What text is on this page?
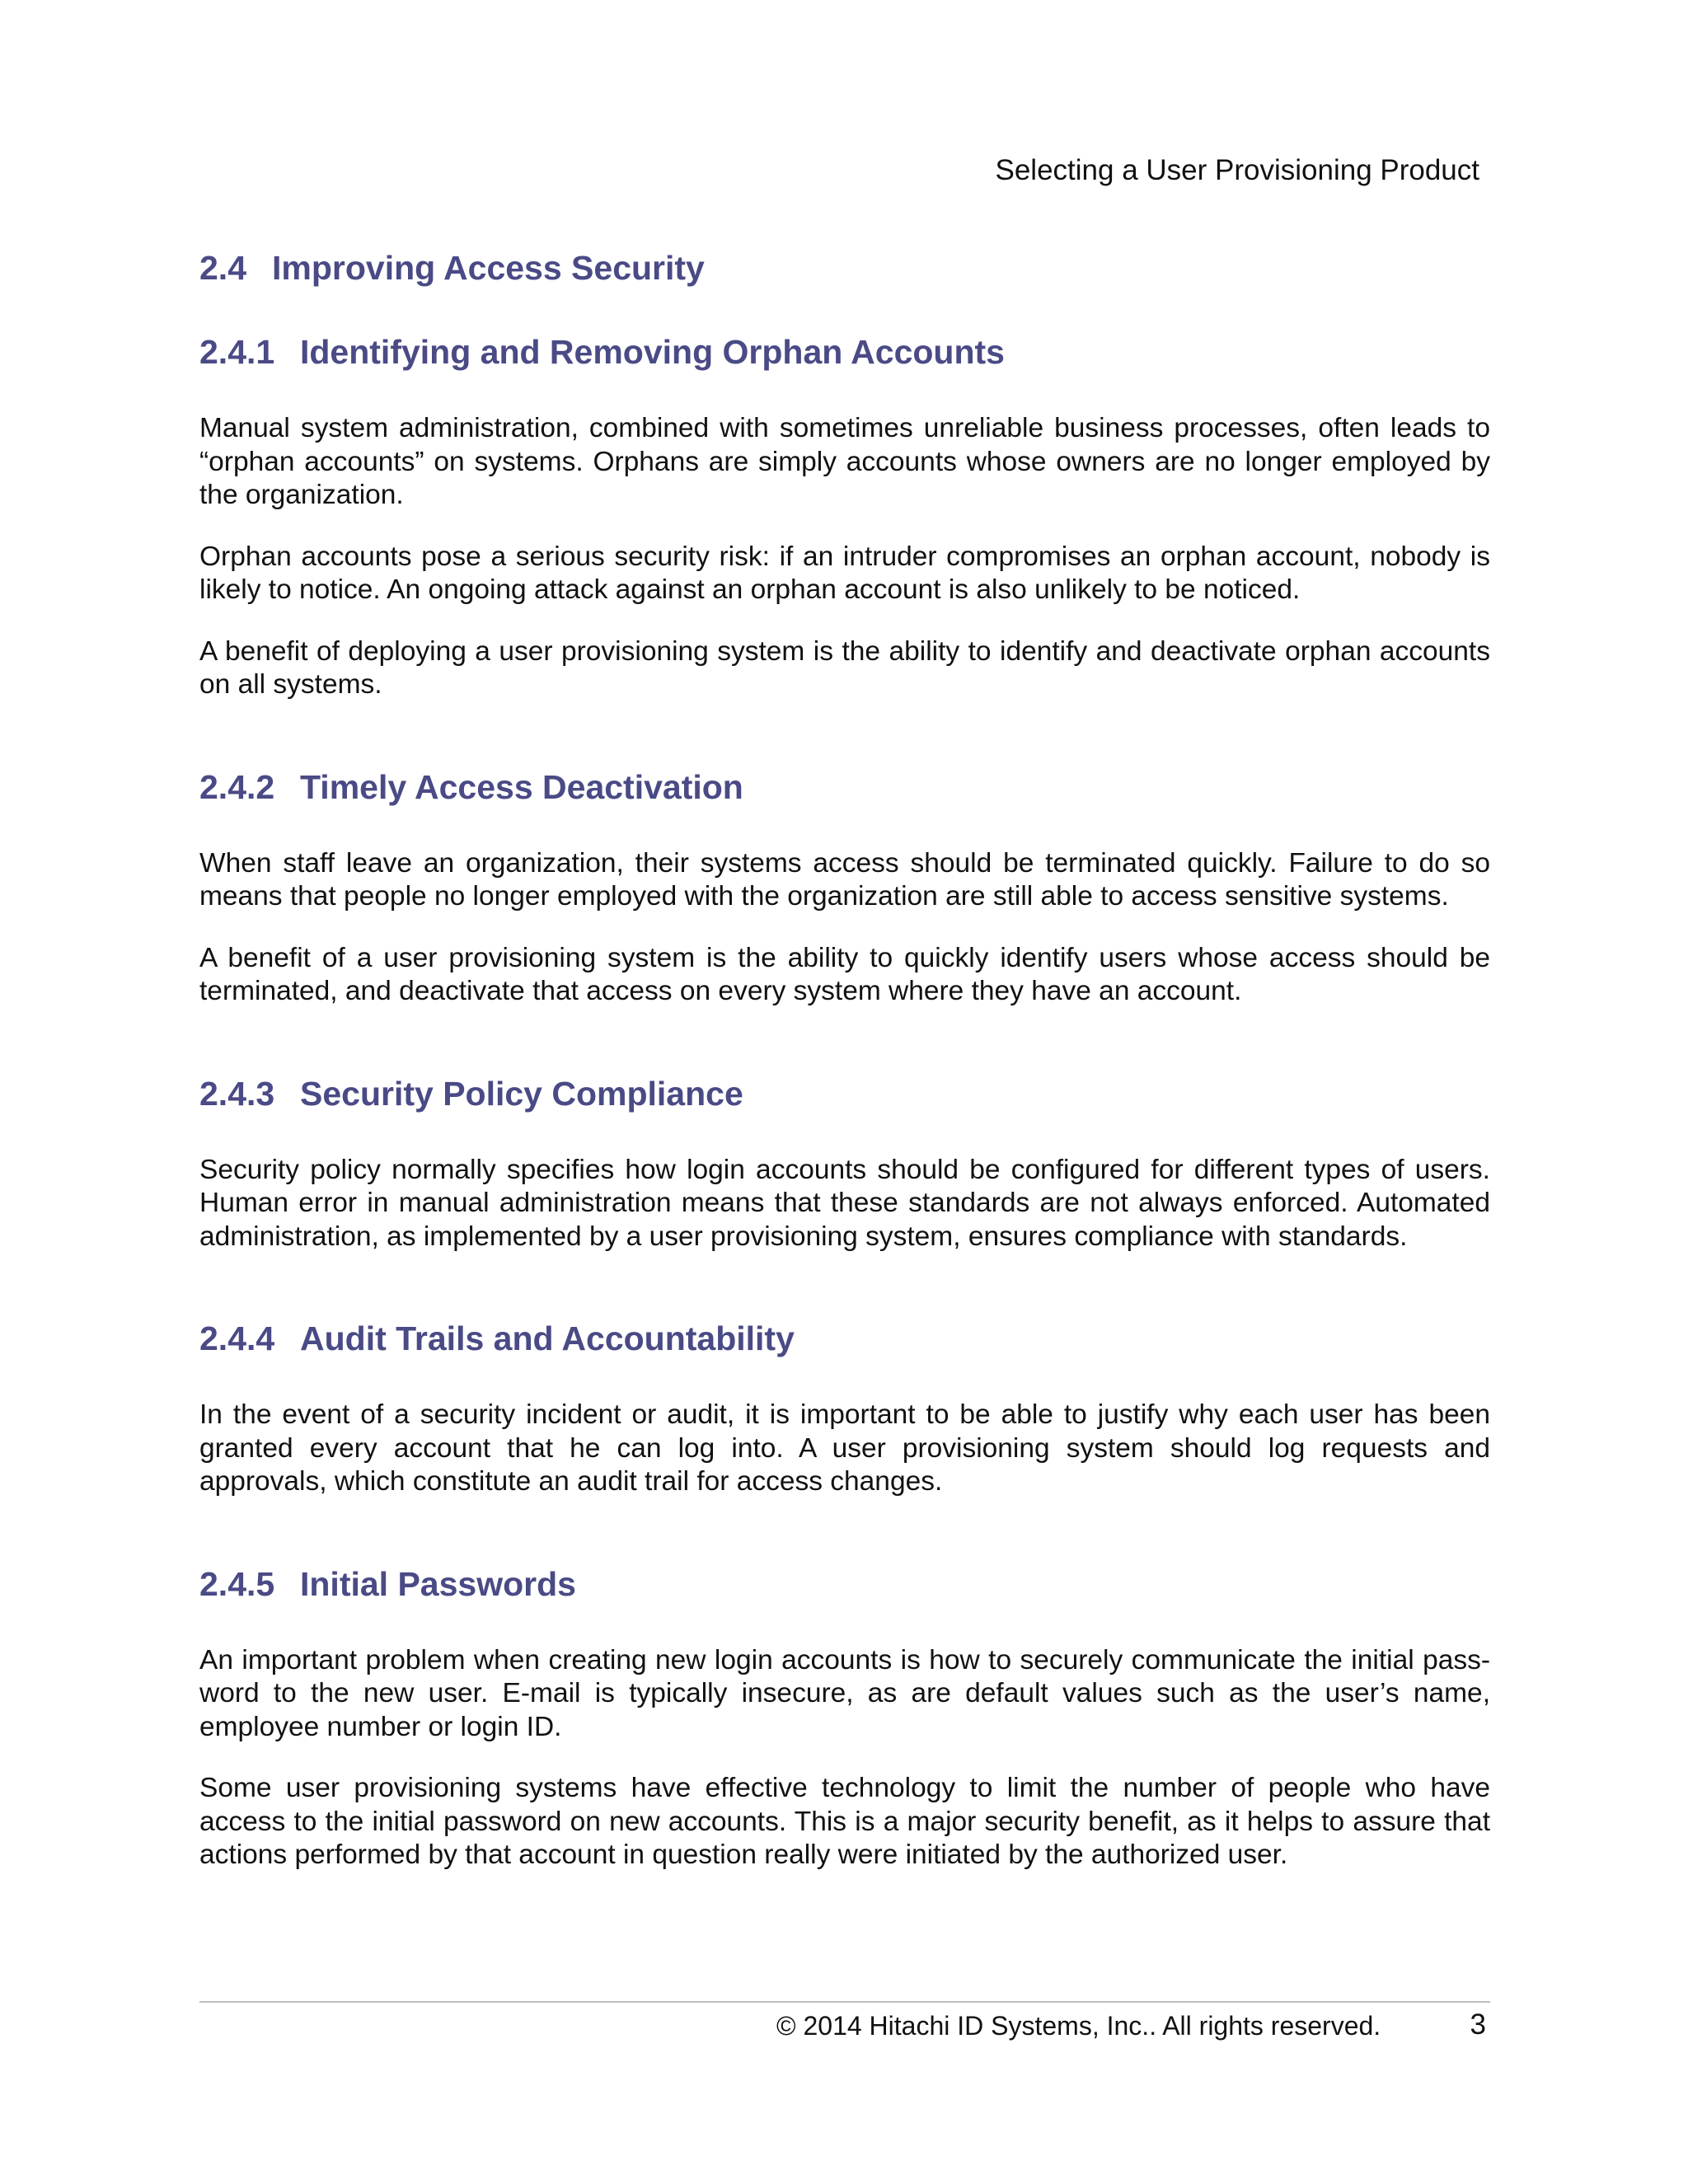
Selecting a User Provisioning Product
2.4 Improving Access Security
2.4.1 Identifying and Removing Orphan Accounts

Manual system administration, combined with sometimes unreliable business processes, often leads to “orphan accounts” on systems. Orphans are simply accounts whose owners are no longer employed by the organization.

Orphan accounts pose a serious security risk: if an intruder compromises an orphan account, nobody is likely to notice. An ongoing attack against an orphan account is also unlikely to be noticed.

A benefit of deploying a user provisioning system is the ability to identify and deactivate orphan accounts on all systems.

2.4.2 Timely Access Deactivation

When staff leave an organization, their systems access should be terminated quickly. Failure to do so means that people no longer employed with the organization are still able to access sensitive systems.

A benefit of a user provisioning system is the ability to quickly identify users whose access should be terminated, and deactivate that access on every system where they have an account.

2.4.3 Security Policy Compliance

Security policy normally specifies how login accounts should be configured for different types of users. Human error in manual administration means that these standards are not always enforced. Automated administration, as implemented by a user provisioning system, ensures compliance with standards.

2.4.4 Audit Trails and Accountability

In the event of a security incident or audit, it is important to be able to justify why each user has been granted every account that he can log into. A user provisioning system should log requests and approvals, which constitute an audit trail for access changes.

2.4.5 Initial Passwords

An important problem when creating new login accounts is how to securely communicate the initial pass-word to the new user. E-mail is typically insecure, as are default values such as the user’s name, employee number or login ID.

Some user provisioning systems have effective technology to limit the number of people who have access to the initial password on new accounts. This is a major security benefit, as it helps to assure that actions performed by that account in question really were initiated by the authorized user.

© 2014 Hitachi ID Systems, Inc.. All rights reserved.	3
